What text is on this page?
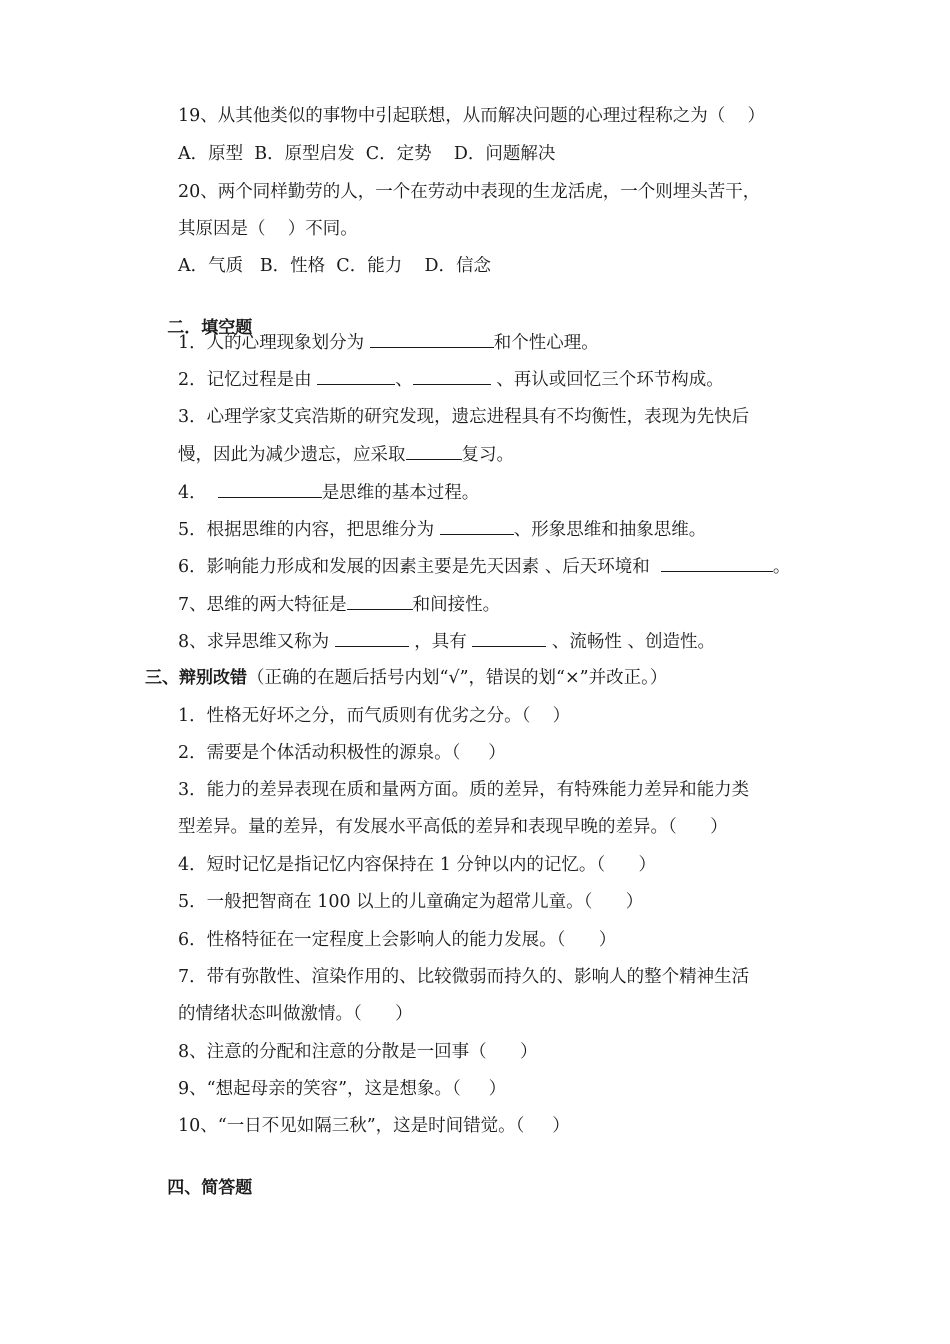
19、从其他类似的事物中引起联想，从而解决问题的心理过程称之为（    ）
A．原型  B．原型启发  C．定势    D．问题解决
20、两个同样勤劳的人，一个在劳动中表现的生龙活虎，一个则埋头苦干，
其原因是（    ）不同。
A．气质   B．性格  C．能力    D．信念

二．填空题

1．人的心理现象划分为	和个性心理。
2．记忆过程是由	、	、再认或回忆三个环节构成。
3．心理学家艾宾浩斯的研究发现，遗忘进程具有不均衡性，表现为先快后
慢，因此为减少遗忘，应采取	复习。
4．	是思维的基本过程。
5．根据思维的内容，把思维分为	、形象思维和抽象思维。
6．影响能力形成和发展的因素主要是先天因素 、后天环境和	。
7、思维的两大特征是	和间接性。
8、求异思维又称为	，具有	、流畅性 、创造性。
三、辩别改错（正确的在题后括号内划“√”，错误的划“×”并改正。）
1．性格无好坏之分，而气质则有优劣之分。（    ）
2．需要是个体活动积极性的源泉。（     ）
3．能力的差异表现在质和量两方面。质的差异，有特殊能力差异和能力类
型差异。量的差异，有发展水平高低的差异和表现早晚的差异。（      ）
4．短时记忆是指记忆内容保持在 1 分钟以内的记忆。（      ）
5．一般把智商在 100 以上的儿童确定为超常儿童。（      ）
6．性格特征在一定程度上会影响人的能力发展。（      ）
7．带有弥散性、渲染作用的、比较微弱而持久的、影响人的整个精神生活
的情绪状态叫做激情。（      ）
8、注意的分配和注意的分散是一回事（      ）
9、“想起母亲的笑容”，这是想象。（     ）
10、“一日不见如隔三秋”，这是时间错觉。（     ）

四、简答题
